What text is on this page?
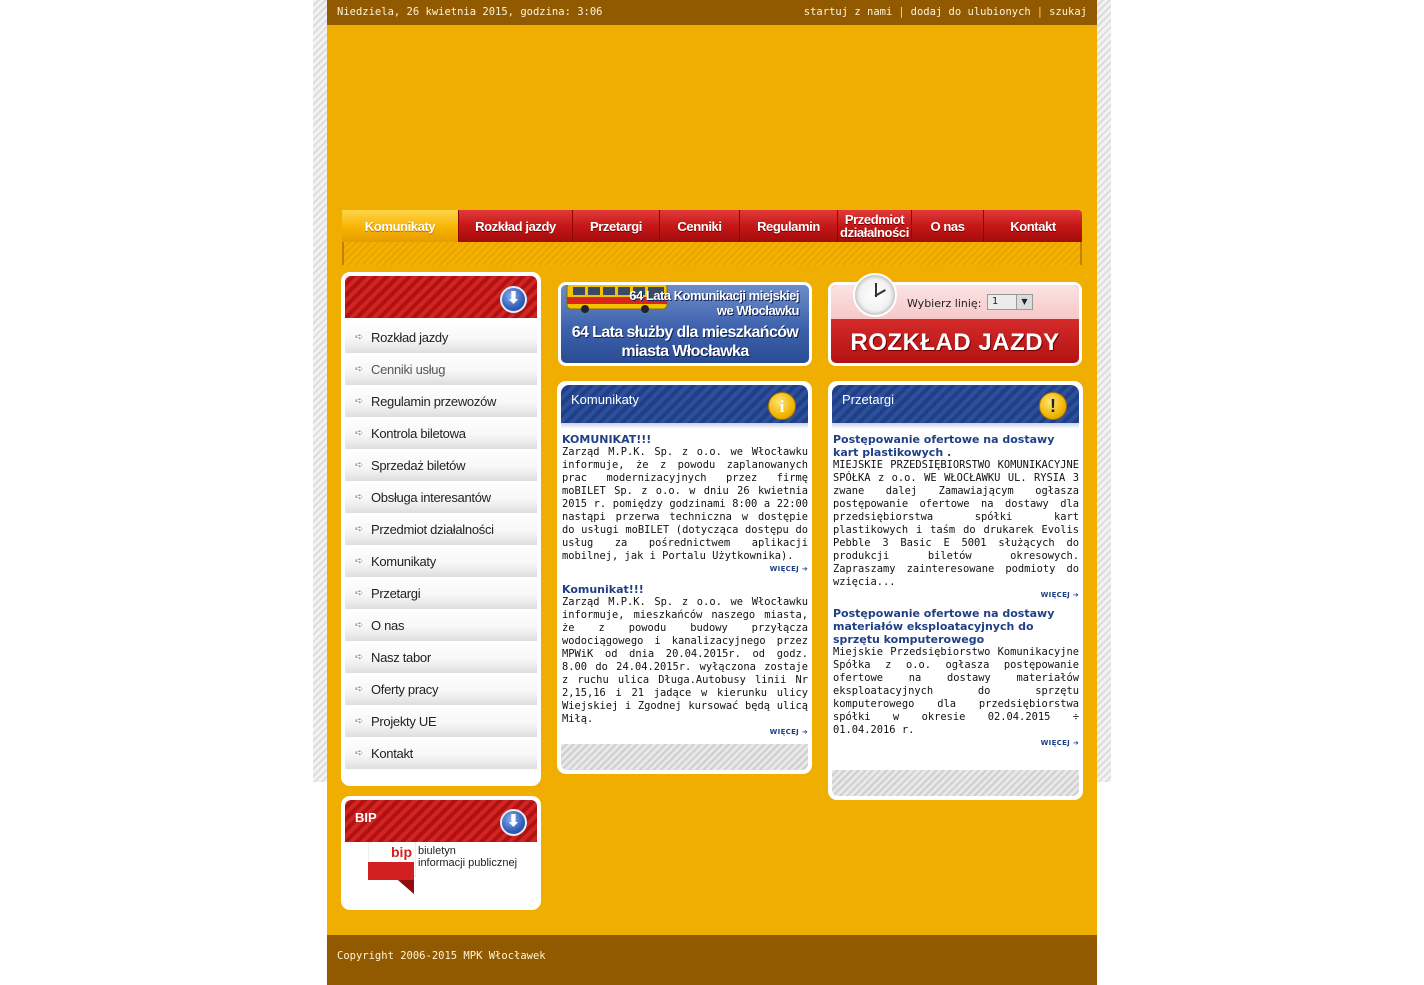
Niedziela, 26 kwietnia 2015, godzina: 3:06	startuj z nami | dodaj do ulubionych | szukaj
Komunikaty	Rozkład jazdy	Przetargi	Cenniki	Regulamin	Przedmiot działalności	O nas	Kontakt
⬇
➪ Rozkład jazdy
➪ Cenniki usług
➪ Regulamin przewozów
➪ Kontrola biletowa
➪ Sprzedaż biletów
➪ Obsługa interesantów
➪ Przedmiot działalności
➪ Komunikaty
➪ Przetargi
➪ O nas
➪ Nasz tabor
➪ Oferty pracy
➪ Projekty UE
➪ Kontakt
BIP	⬇
bip biuletyn
informacji publicznej
64 Lata Komunikacji miejskiej
we Włocławku
64 Lata służby dla mieszkańców
miasta Włocławka
Wybierz linię:	1	▼
ROZKŁAD JAZDY
Komunikaty	i
KOMUNIKAT!!!
Zarząd M.P.K. Sp. z o.o. we Włocławku informuje, że z powodu zaplanowanych prac modernizacyjnych przez firmę moBILET Sp. z o.o. w dniu 26 kwietnia 2015 r. pomiędzy godzinami 8:00 a 22:00 nastąpi przerwa techniczna w dostępie do usługi moBILET (dotycząca dostępu do usług za pośrednictwem aplikacji mobilnej, jak i Portalu Użytkownika).
WIĘCEJ ➔
Komunikat!!!
Zarząd M.P.K. Sp. z o.o. we Włocławku informuje, mieszkańców naszego miasta, że z powodu budowy przyłącza wodociągowego i kanalizacyjnego przez MPWiK od dnia 20.04.2015r. od godz. 8.00 do 24.04.2015r. wyłączona zostaje z ruchu ulica Długa.Autobusy linii Nr 2,15,16 i 21 jadące w kierunku ulicy Wiejskiej i Zgodnej kursować będą ulicą Miłą.
WIĘCEJ ➔
Przetargi	!
Postępowanie ofertowe na dostawy kart plastikowych .
MIEJSKIE PRZEDSIĘBIORSTWO KOMUNIKACYJNE SPÓŁKA z o.o. WE WŁOCŁAWKU UL. RYSIA 3 zwane dalej Zamawiającym ogłasza postępowanie ofertowe na dostawy dla przedsiębiorstwa spółki kart plastikowych i taśm do drukarek Evolis Pebble 3 Basic E 5001 służących do produkcji biletów okresowych. Zapraszamy zainteresowane podmioty do wzięcia...
WIĘCEJ ➔
Postępowanie ofertowe na dostawy materiałów eksploatacyjnych do sprzętu komputerowego
Miejskie Przedsiębiorstwo Komunikacyjne Spółka z o.o. ogłasza postępowanie ofertowe na dostawy materiałów eksploatacyjnych do sprzętu komputerowego dla przedsiębiorstwa spółki w okresie 02.04.2015 ÷ 01.04.2016 r.
WIĘCEJ ➔
Copyright 2006-2015 MPK Włocławek
